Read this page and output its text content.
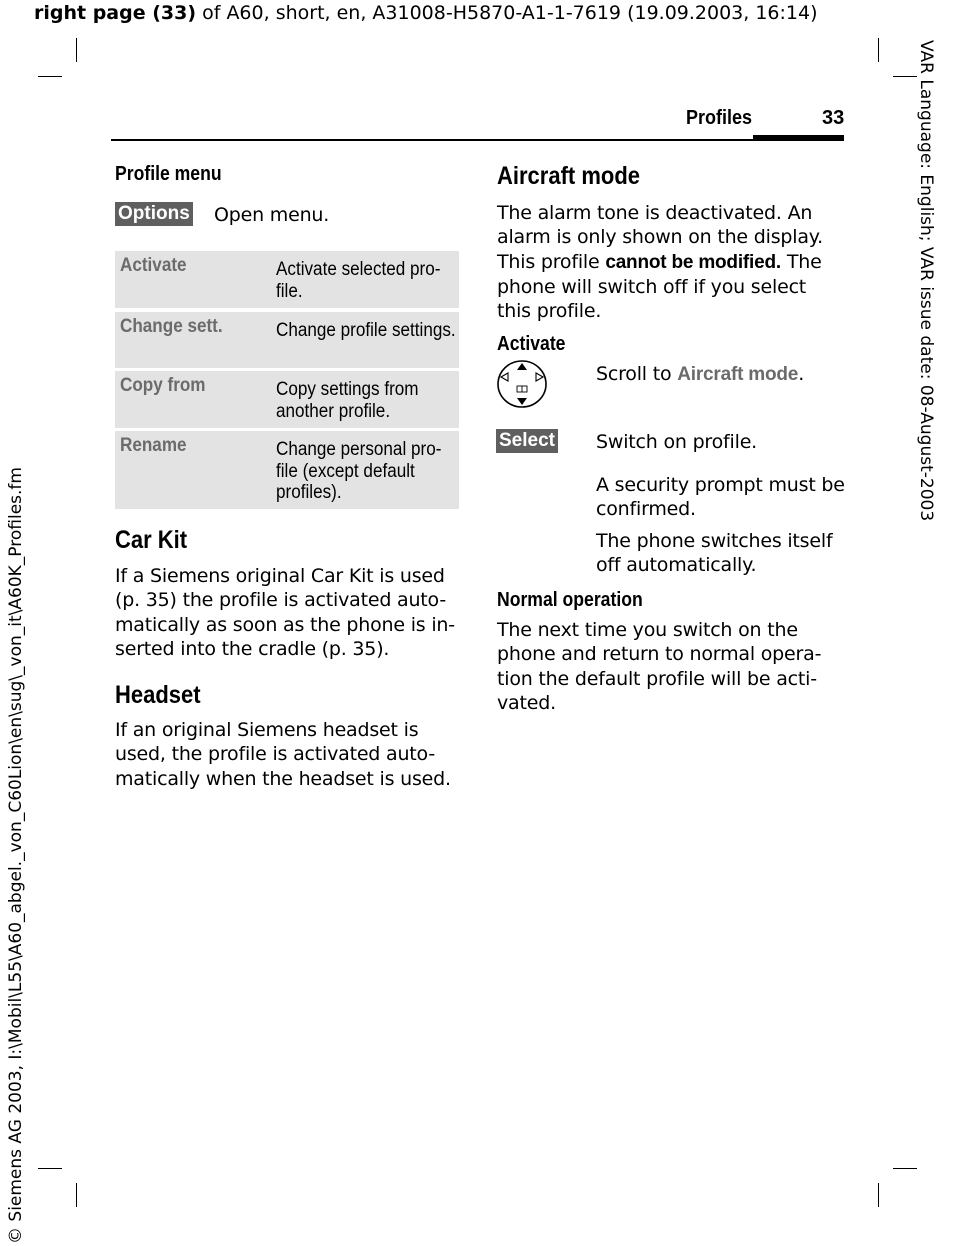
right page (33) of A60, short, en, A31008-H5870-A1-1-7619 (19.09.2003, 16:14)
VAR Language: English; VAR issue date: 08-August-2003
© Siemens AG 2003, I:\Mobil\L55\A60_abgel._von_C60Lion\en\sug\_von_it\A60K_Profiles.fm
Profiles	33
Profile menu
Options Open menu.
Activate	Activate selected pro-file.
Change sett.	Change profile settings.
Copy from	Copy settings from another profile.
Rename	Change personal pro-file (except default profiles).
Car Kit
If a Siemens original Car Kit is used
(p. 35) the profile is activated auto-
matically as soon as the phone is in-
serted into the cradle (p. 35).
Headset
If an original Siemens headset is
used, the profile is activated auto-
matically when the headset is used.
Aircraft mode
The alarm tone is deactivated. An
alarm is only shown on the display.
This profile cannot be modified. The
phone will switch off if you select
this profile.
Activate
Scroll to Aircraft mode.
Select Switch on profile.
A security prompt must be
confirmed.
The phone switches itself
off automatically.
Normal operation
The next time you switch on the
phone and return to normal opera-
tion the default profile will be acti-
vated.
